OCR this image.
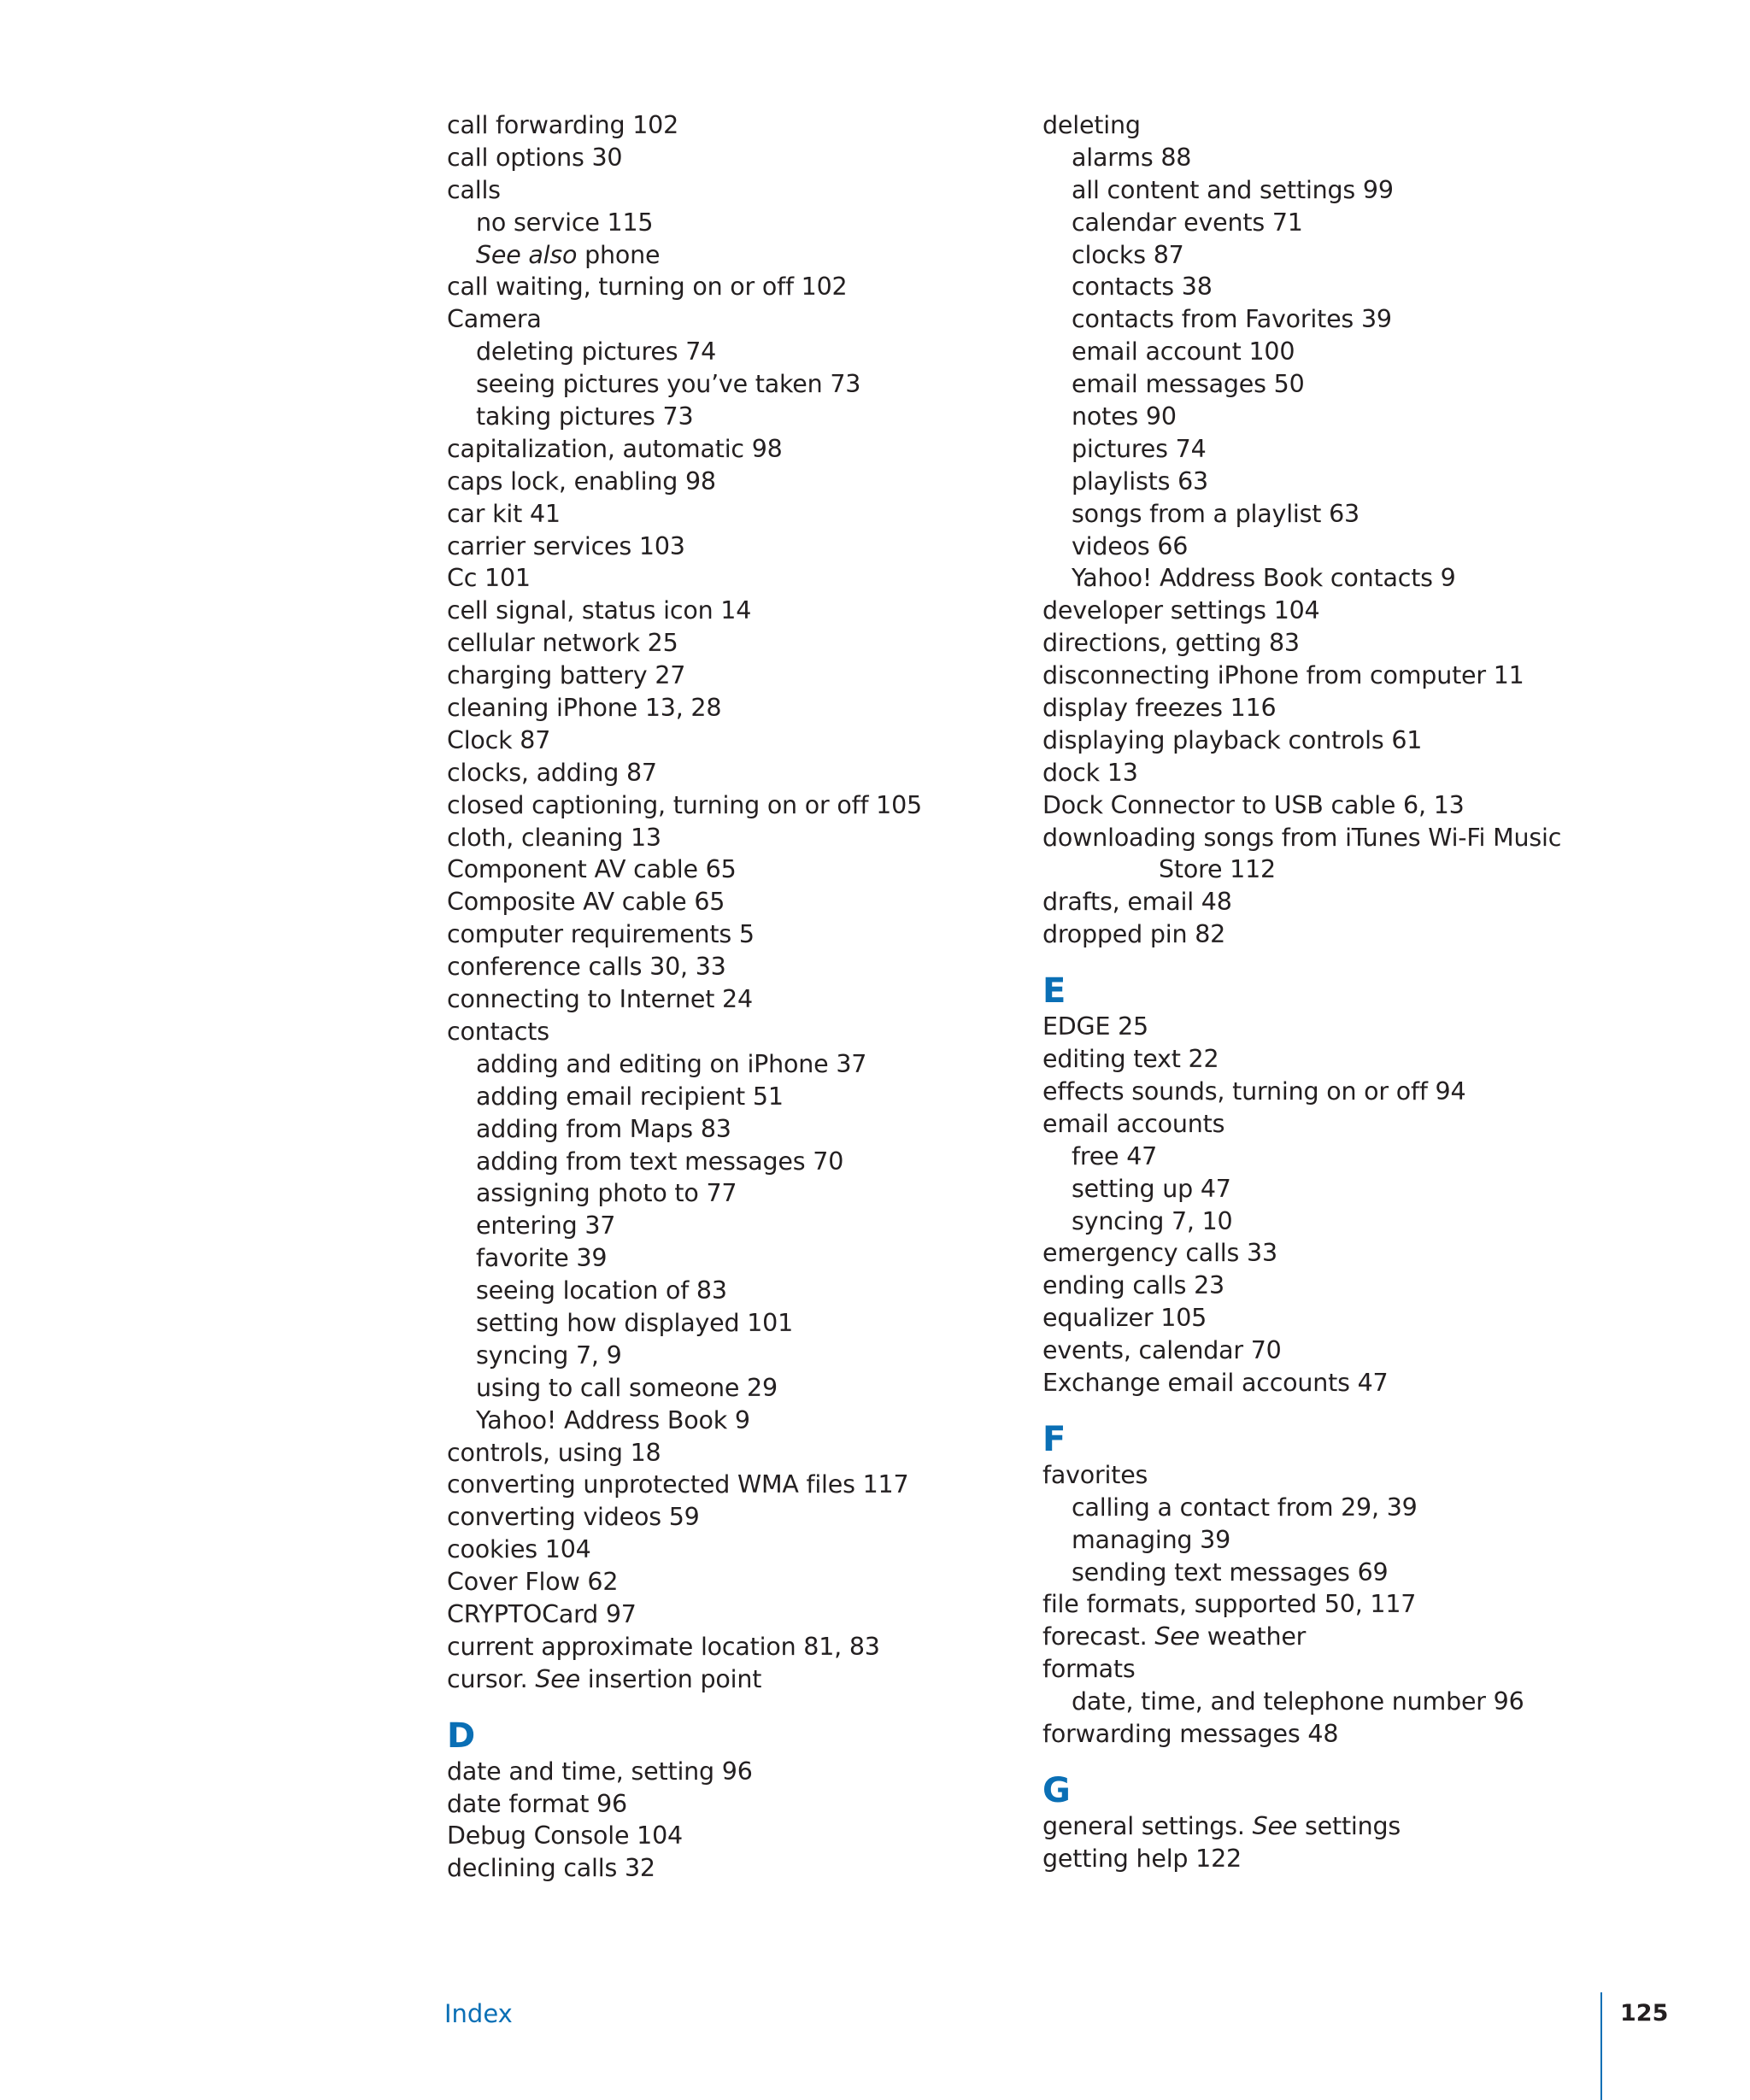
call forwarding 102
call options 30
calls
no service 115
See also phone
call waiting, turning on or off 102
Camera
deleting pictures 74
seeing pictures you’ve taken 73
taking pictures 73
capitalization, automatic 98
caps lock, enabling 98
car kit 41
carrier services 103
Cc 101
cell signal, status icon 14
cellular network 25
charging battery 27
cleaning iPhone 13, 28
Clock 87
clocks, adding 87
closed captioning, turning on or off 105
cloth, cleaning 13
Component AV cable 65
Composite AV cable 65
computer requirements 5
conference calls 30, 33
connecting to Internet 24
contacts
adding and editing on iPhone 37
adding email recipient 51
adding from Maps 83
adding from text messages 70
assigning photo to 77
entering 37
favorite 39
seeing location of 83
setting how displayed 101
syncing 7, 9
using to call someone 29
Yahoo! Address Book 9
controls, using 18
converting unprotected WMA files 117
converting videos 59
cookies 104
Cover Flow 62
CRYPTOCard 97
current approximate location 81, 83
cursor. See insertion point
D
date and time, setting 96
date format 96
Debug Console 104
declining calls 32
deleting
alarms 88
all content and settings 99
calendar events 71
clocks 87
contacts 38
contacts from Favorites 39
email account 100
email messages 50
notes 90
pictures 74
playlists 63
songs from a playlist 63
videos 66
Yahoo! Address Book contacts 9
developer settings 104
directions, getting 83
disconnecting iPhone from computer 11
display freezes 116
displaying playback controls 61
dock 13
Dock Connector to USB cable 6, 13
downloading songs from iTunes Wi-Fi Music
Store 112
drafts, email 48
dropped pin 82
E
EDGE 25
editing text 22
effects sounds, turning on or off 94
email accounts
free 47
setting up 47
syncing 7, 10
emergency calls 33
ending calls 23
equalizer 105
events, calendar 70
Exchange email accounts 47
F
favorites
calling a contact from 29, 39
managing 39
sending text messages 69
file formats, supported 50, 117
forecast. See weather
formats
date, time, and telephone number 96
forwarding messages 48
G
general settings. See settings
getting help 122
Index	125
